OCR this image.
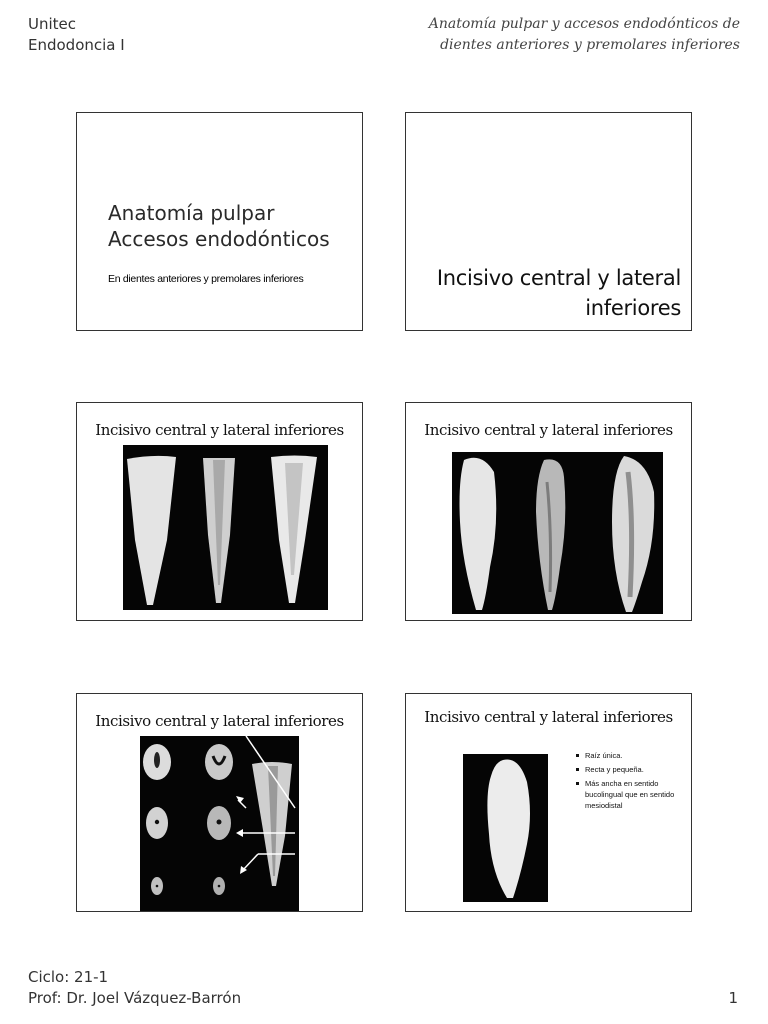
Unitec
Endodoncia I
Anatomía pulpar y accesos endodónticos de
dientes anteriores y premolares inferiores
Anatomía pulpar
Accesos endodónticos
En dientes anteriores y premolares inferiores	Incisivo central y lateral
inferiores
Incisivo central y lateral inferiores	Incisivo central y lateral inferiores
Incisivo central y lateral inferiores	Incisivo central y lateral inferiores
Raíz única.
Recta y pequeña.
Más ancha en sentido bucolingual que en sentido mesiodistal
Ciclo: 21-1
Prof: Dr. Joel Vázquez-Barrón	1
